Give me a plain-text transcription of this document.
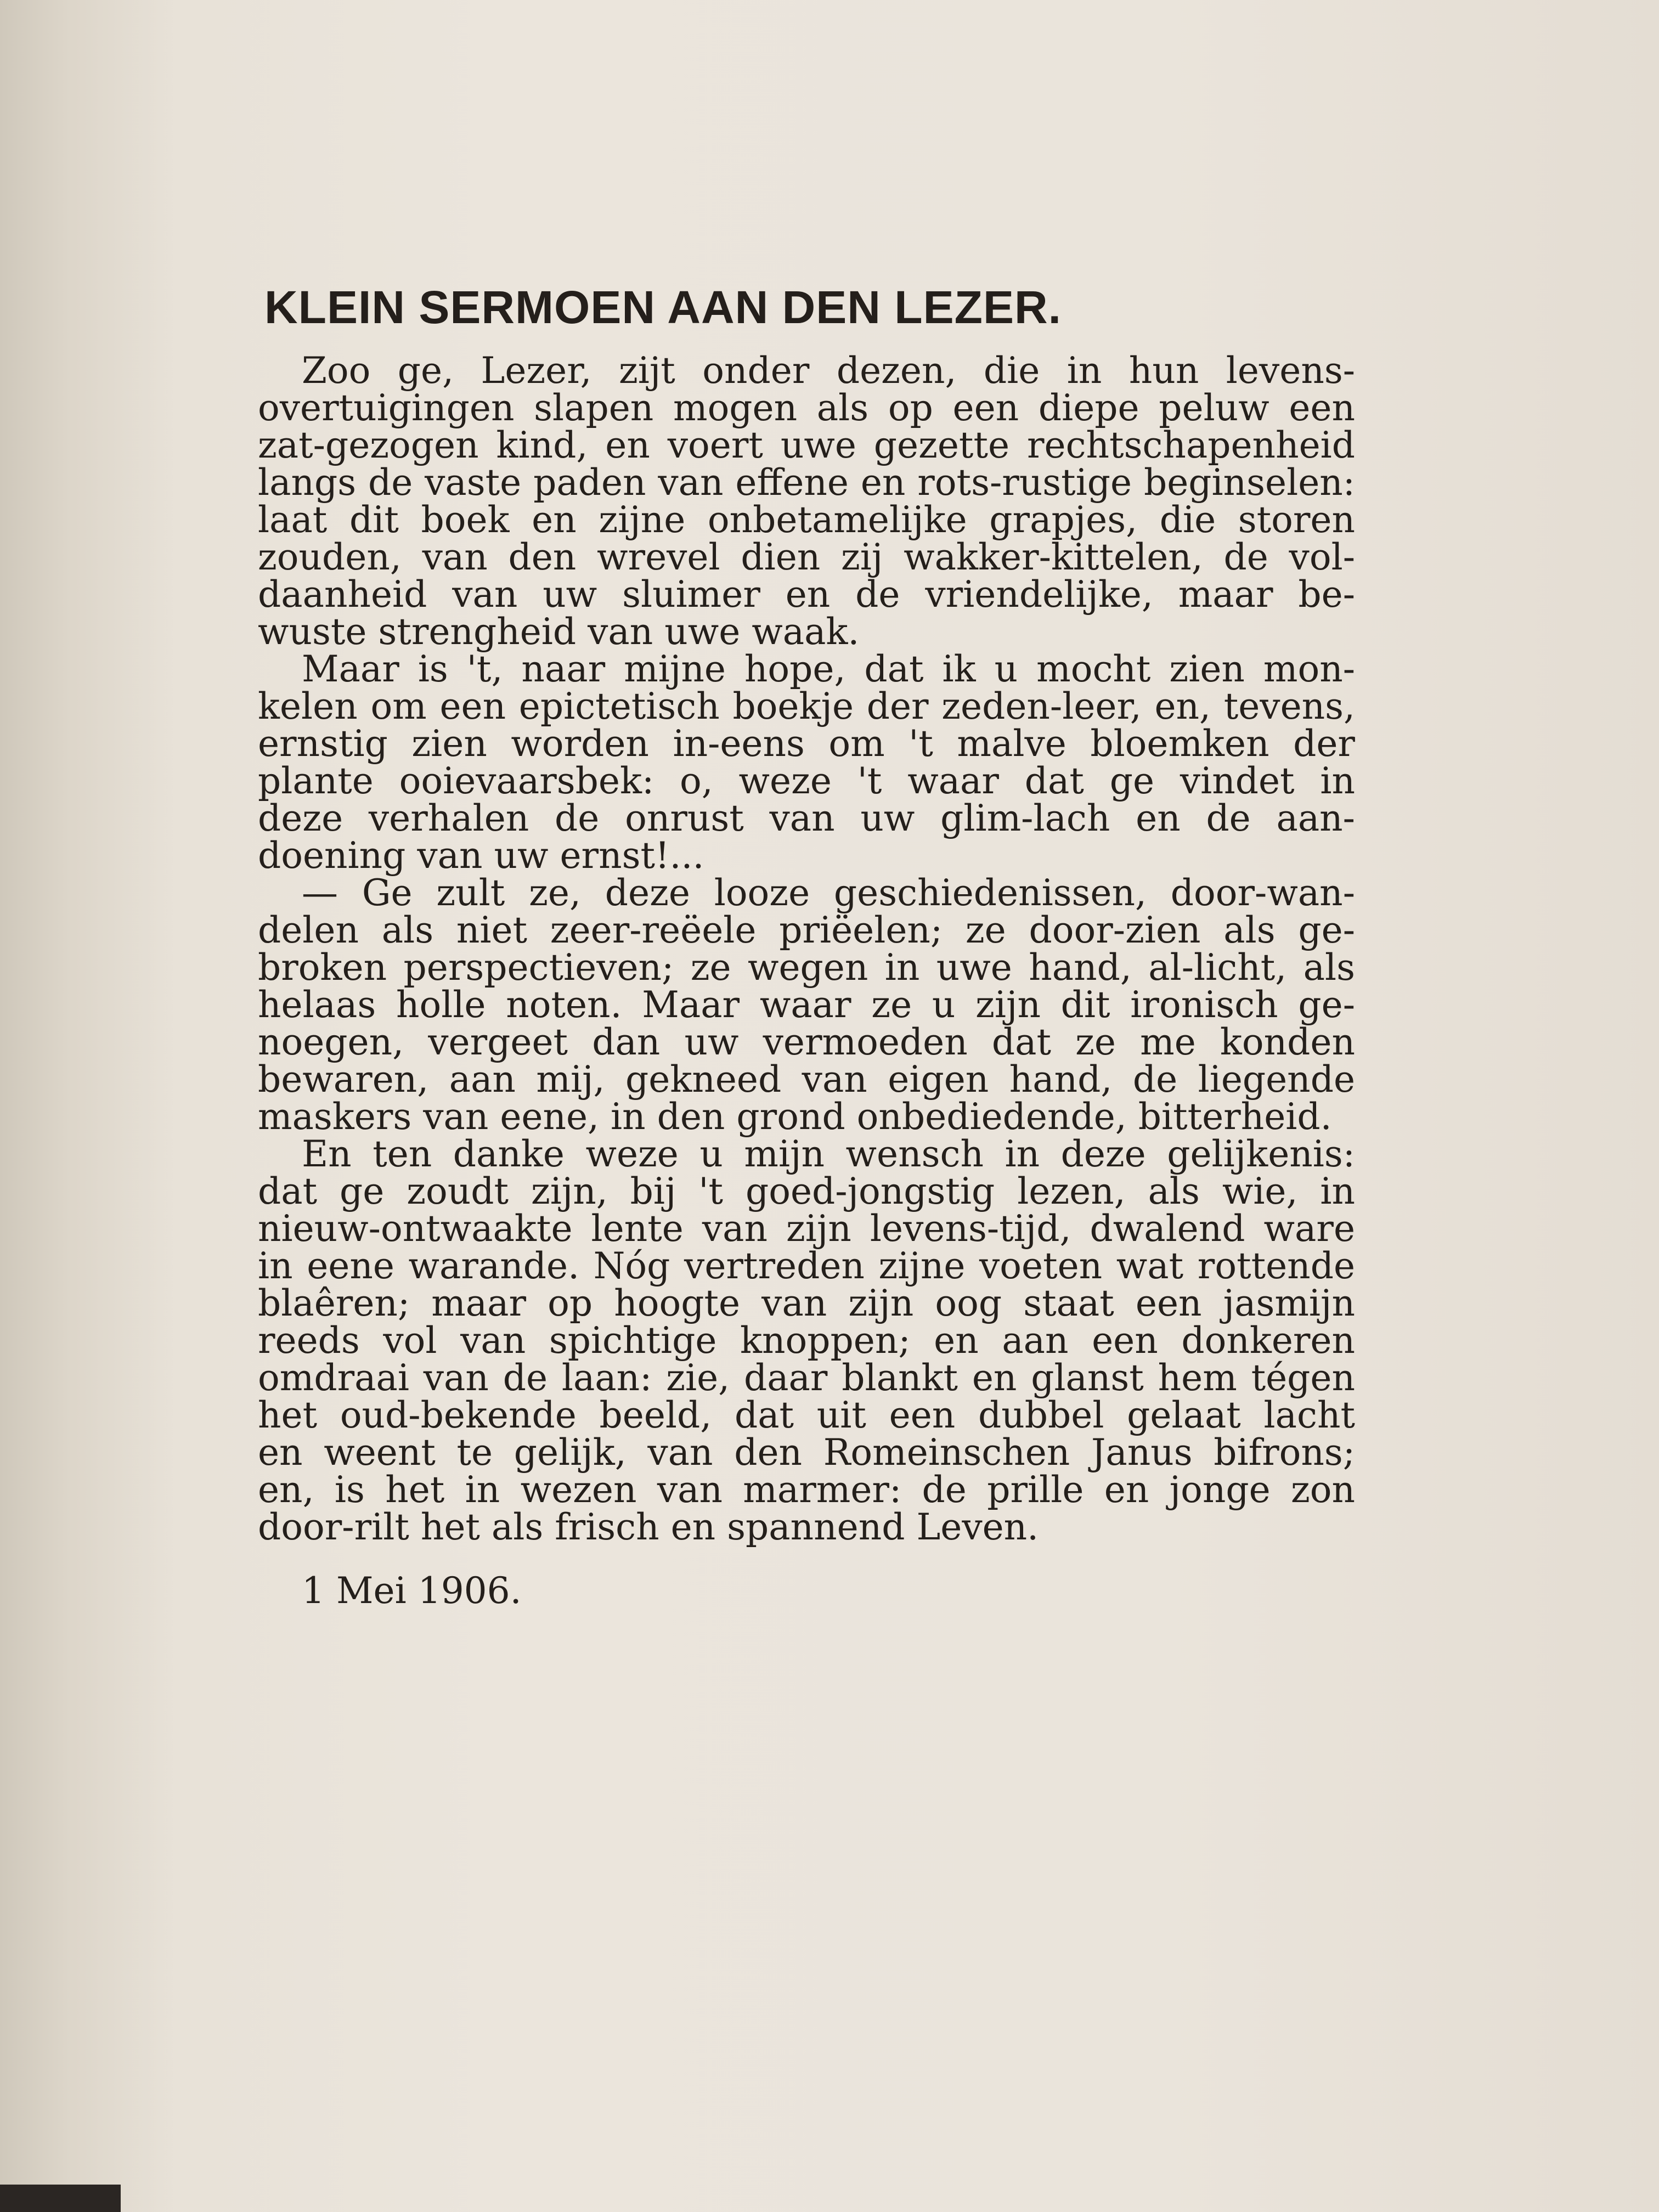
KLEIN SERMOEN AAN DEN LEZER.
Zoo ge, Lezer, zijt onder dezen, die in hun levens-
overtuigingen slapen mogen als op een diepe peluw een
zat-gezogen kind, en voert uwe gezette rechtschapenheid
langs de vaste paden van effene en rots-rustige beginselen:
laat dit boek en zijne onbetamelijke grapjes, die storen
zouden, van den wrevel dien zij wakker-kittelen, de vol-
daanheid van uw sluimer en de vriendelijke, maar be-
wuste strengheid van uwe waak.
Maar is 't, naar mijne hope, dat ik u mocht zien mon-
kelen om een epictetisch boekje der zeden-leer, en, tevens,
ernstig zien worden in-eens om 't malve bloemken der
plante ooievaarsbek: o, weze 't waar dat ge vindet in
deze verhalen de onrust van uw glim-lach en de aan-
doening van uw ernst!...
— Ge zult ze, deze looze geschiedenissen, door-wan-
delen als niet zeer-reëele priëelen; ze door-zien als ge-
broken perspectieven; ze wegen in uwe hand, al-licht, als
helaas holle noten. Maar waar ze u zijn dit ironisch ge-
noegen, vergeet dan uw vermoeden dat ze me konden
bewaren, aan mij, gekneed van eigen hand, de liegende
maskers van eene, in den grond onbediedende, bitterheid.
En ten danke weze u mijn wensch in deze gelijkenis:
dat ge zoudt zijn, bij 't goed-jongstig lezen, als wie, in
nieuw-ontwaakte lente van zijn levens-tijd, dwalend ware
in eene warande. Nóg vertreden zijne voeten wat rottende
blaêren; maar op hoogte van zijn oog staat een jasmijn
reeds vol van spichtige knoppen; en aan een donkeren
omdraai van de laan: zie, daar blankt en glanst hem tégen
het oud-bekende beeld, dat uit een dubbel gelaat lacht
en weent te gelijk, van den Romeinschen Janus bifrons;
en, is het in wezen van marmer: de prille en jonge zon
door-rilt het als frisch en spannend Leven.

1 Mei 1906.
